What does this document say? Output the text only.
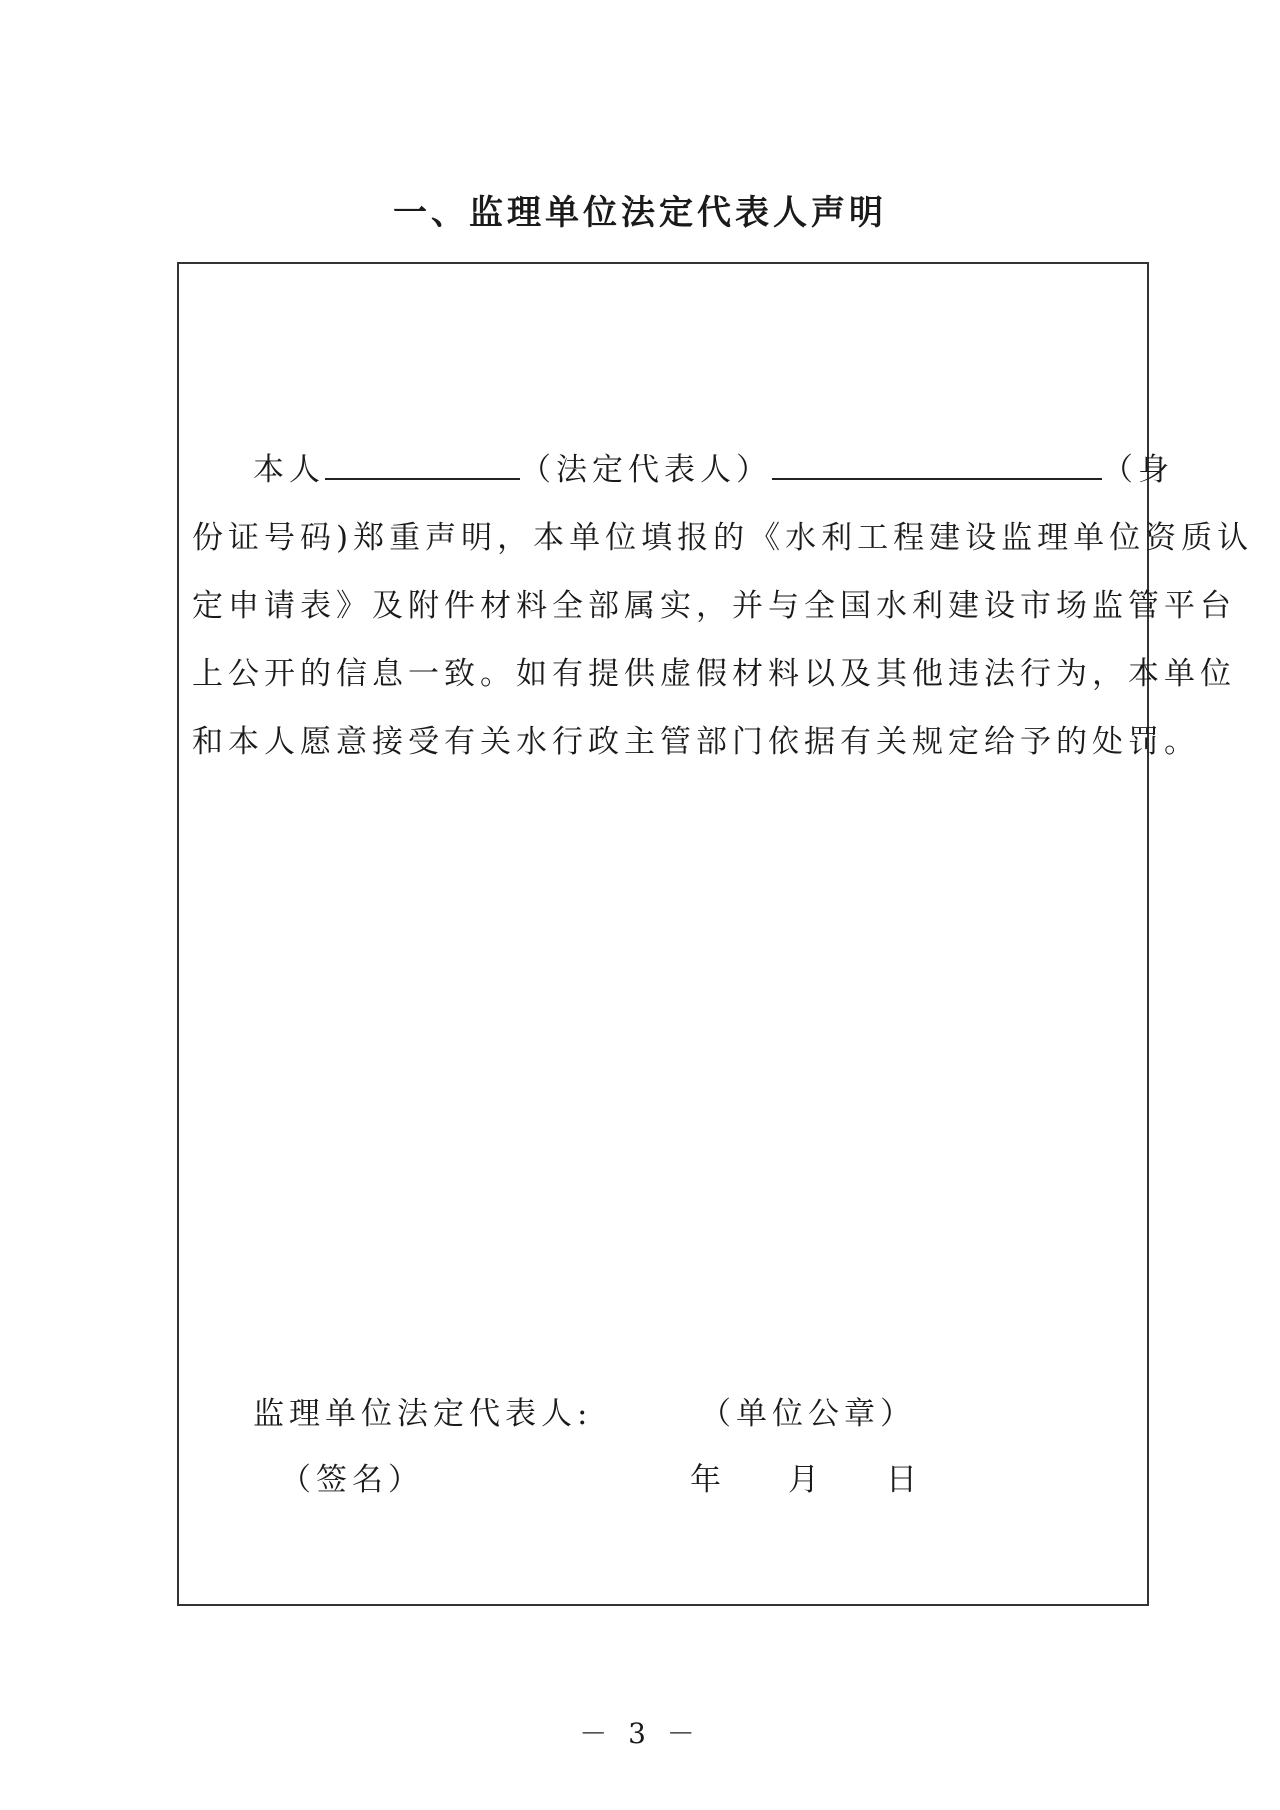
一、监理单位法定代表人声明
本人	（法定代表人）	（身
份证号码)郑重声明，本单位填报的《水利工程建设监理单位资质认
定申请表》及附件材料全部属实，并与全国水利建设市场监管平台
上公开的信息一致。如有提供虚假材料以及其他违法行为，本单位
和本人愿意接受有关水行政主管部门依据有关规定给予的处罚。
监理单位法定代表人:	（单位公章）
（签名）	年 月 日
－ 3 －
